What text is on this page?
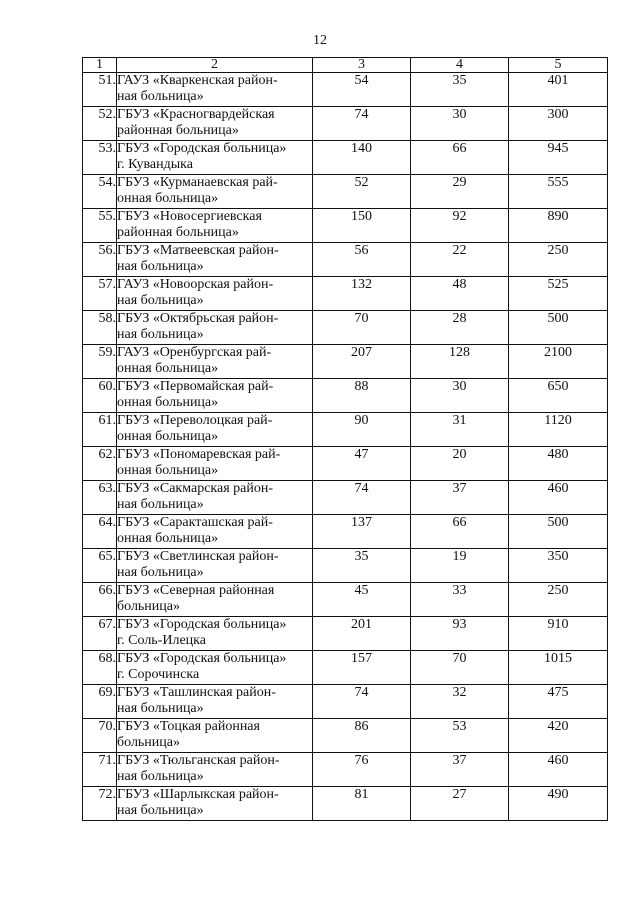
12
1	2	3	4	5
51.	ГАУЗ «Кваркенская район-
ная больница»	54	35	401
52.	ГБУЗ «Красногвардейская
районная больница»	74	30	300
53.	ГБУЗ «Городская больница»
г. Кувандыка	140	66	945
54.	ГБУЗ «Курманаевская рай-
онная больница»	52	29	555
55.	ГБУЗ «Новосергиевская
районная больница»	150	92	890
56.	ГБУЗ «Матвеевская район-
ная больница»	56	22	250
57.	ГАУЗ «Новоорская район-
ная больница»	132	48	525
58.	ГБУЗ «Октябрьская район-
ная больница»	70	28	500
59.	ГАУЗ «Оренбургская рай-
онная больница»	207	128	2100
60.	ГБУЗ «Первомайская рай-
онная больница»	88	30	650
61.	ГБУЗ «Переволоцкая рай-
онная больница»	90	31	1120
62.	ГБУЗ «Пономаревская рай-
онная больница»	47	20	480
63.	ГБУЗ «Сакмарская район-
ная больница»	74	37	460
64.	ГБУЗ «Саракташская рай-
онная больница»	137	66	500
65.	ГБУЗ «Светлинская район-
ная больница»	35	19	350
66.	ГБУЗ «Северная районная
больница»	45	33	250
67.	ГБУЗ «Городская больница»
г. Соль-Илецка	201	93	910
68.	ГБУЗ «Городская больница»
г. Сорочинска	157	70	1015
69.	ГБУЗ «Ташлинская район-
ная больница»	74	32	475
70.	ГБУЗ «Тоцкая районная
больница»	86	53	420
71.	ГБУЗ «Тюльганская район-
ная больница»	76	37	460
72.	ГБУЗ «Шарлыкская район-
ная больница»	81	27	490
